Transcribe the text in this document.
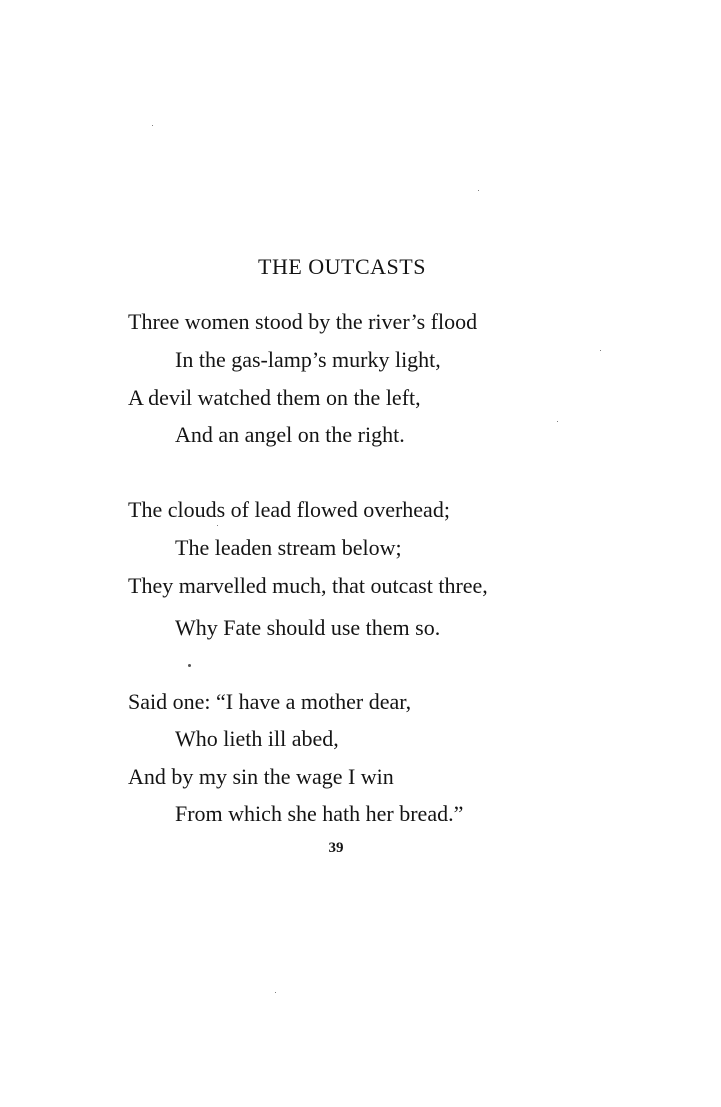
THE OUTCASTS
Three women stood by the river’s flood
In the gas-lamp’s murky light,
A devil watched them on the left,
And an angel on the right.
The clouds of lead flowed overhead;
The leaden stream below;
They marvelled much, that outcast three,
Why Fate should use them so.
Said one: “I have a mother dear,
Who lieth ill abed,
And by my sin the wage I win
From which she hath her bread.”
39
